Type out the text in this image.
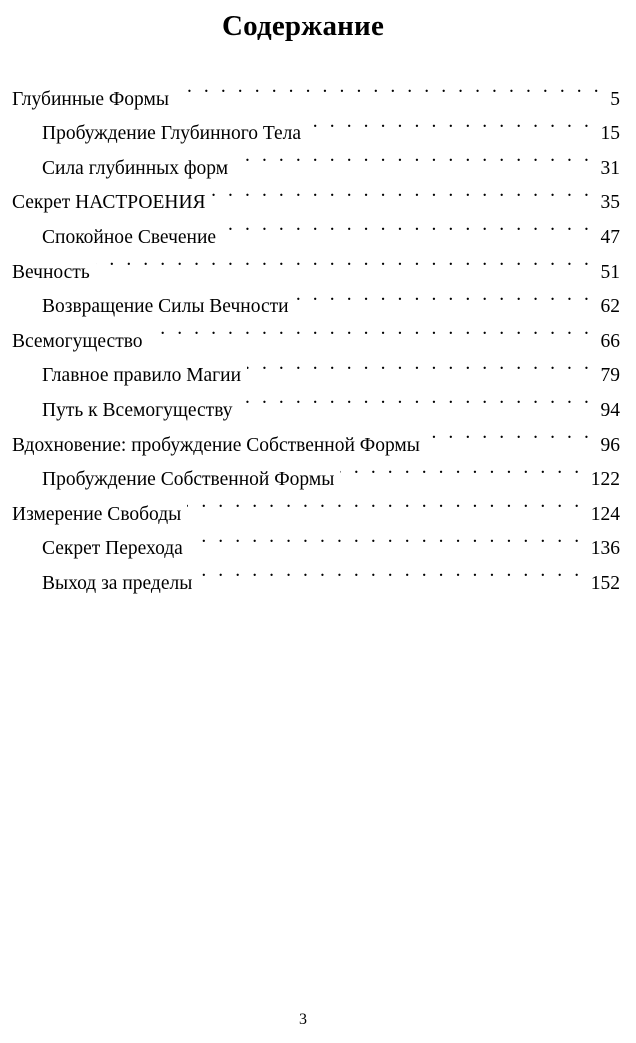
Содержание
Глубинные Формы . . .	5
Пробуждение Глубинного Тела . . .	15
Сила глубинных форм . . .	31
Секрет НАСТРОЕНИЯ . . .	35
Спокойное Свечение . . .	47
Вечность . . .	51
Возвращение Силы Вечности . . .	62
Всемогущество . . .	66
Главное правило Магии . . .	79
Путь к Всемогуществу . . .	94
Вдохновение: пробуждение Собственной Формы . . .	96
Пробуждение Собственной Формы . . .	122
Измерение Свободы . . .	124
Секрет Перехода . . .	136
Выход за пределы . . .	152
3
